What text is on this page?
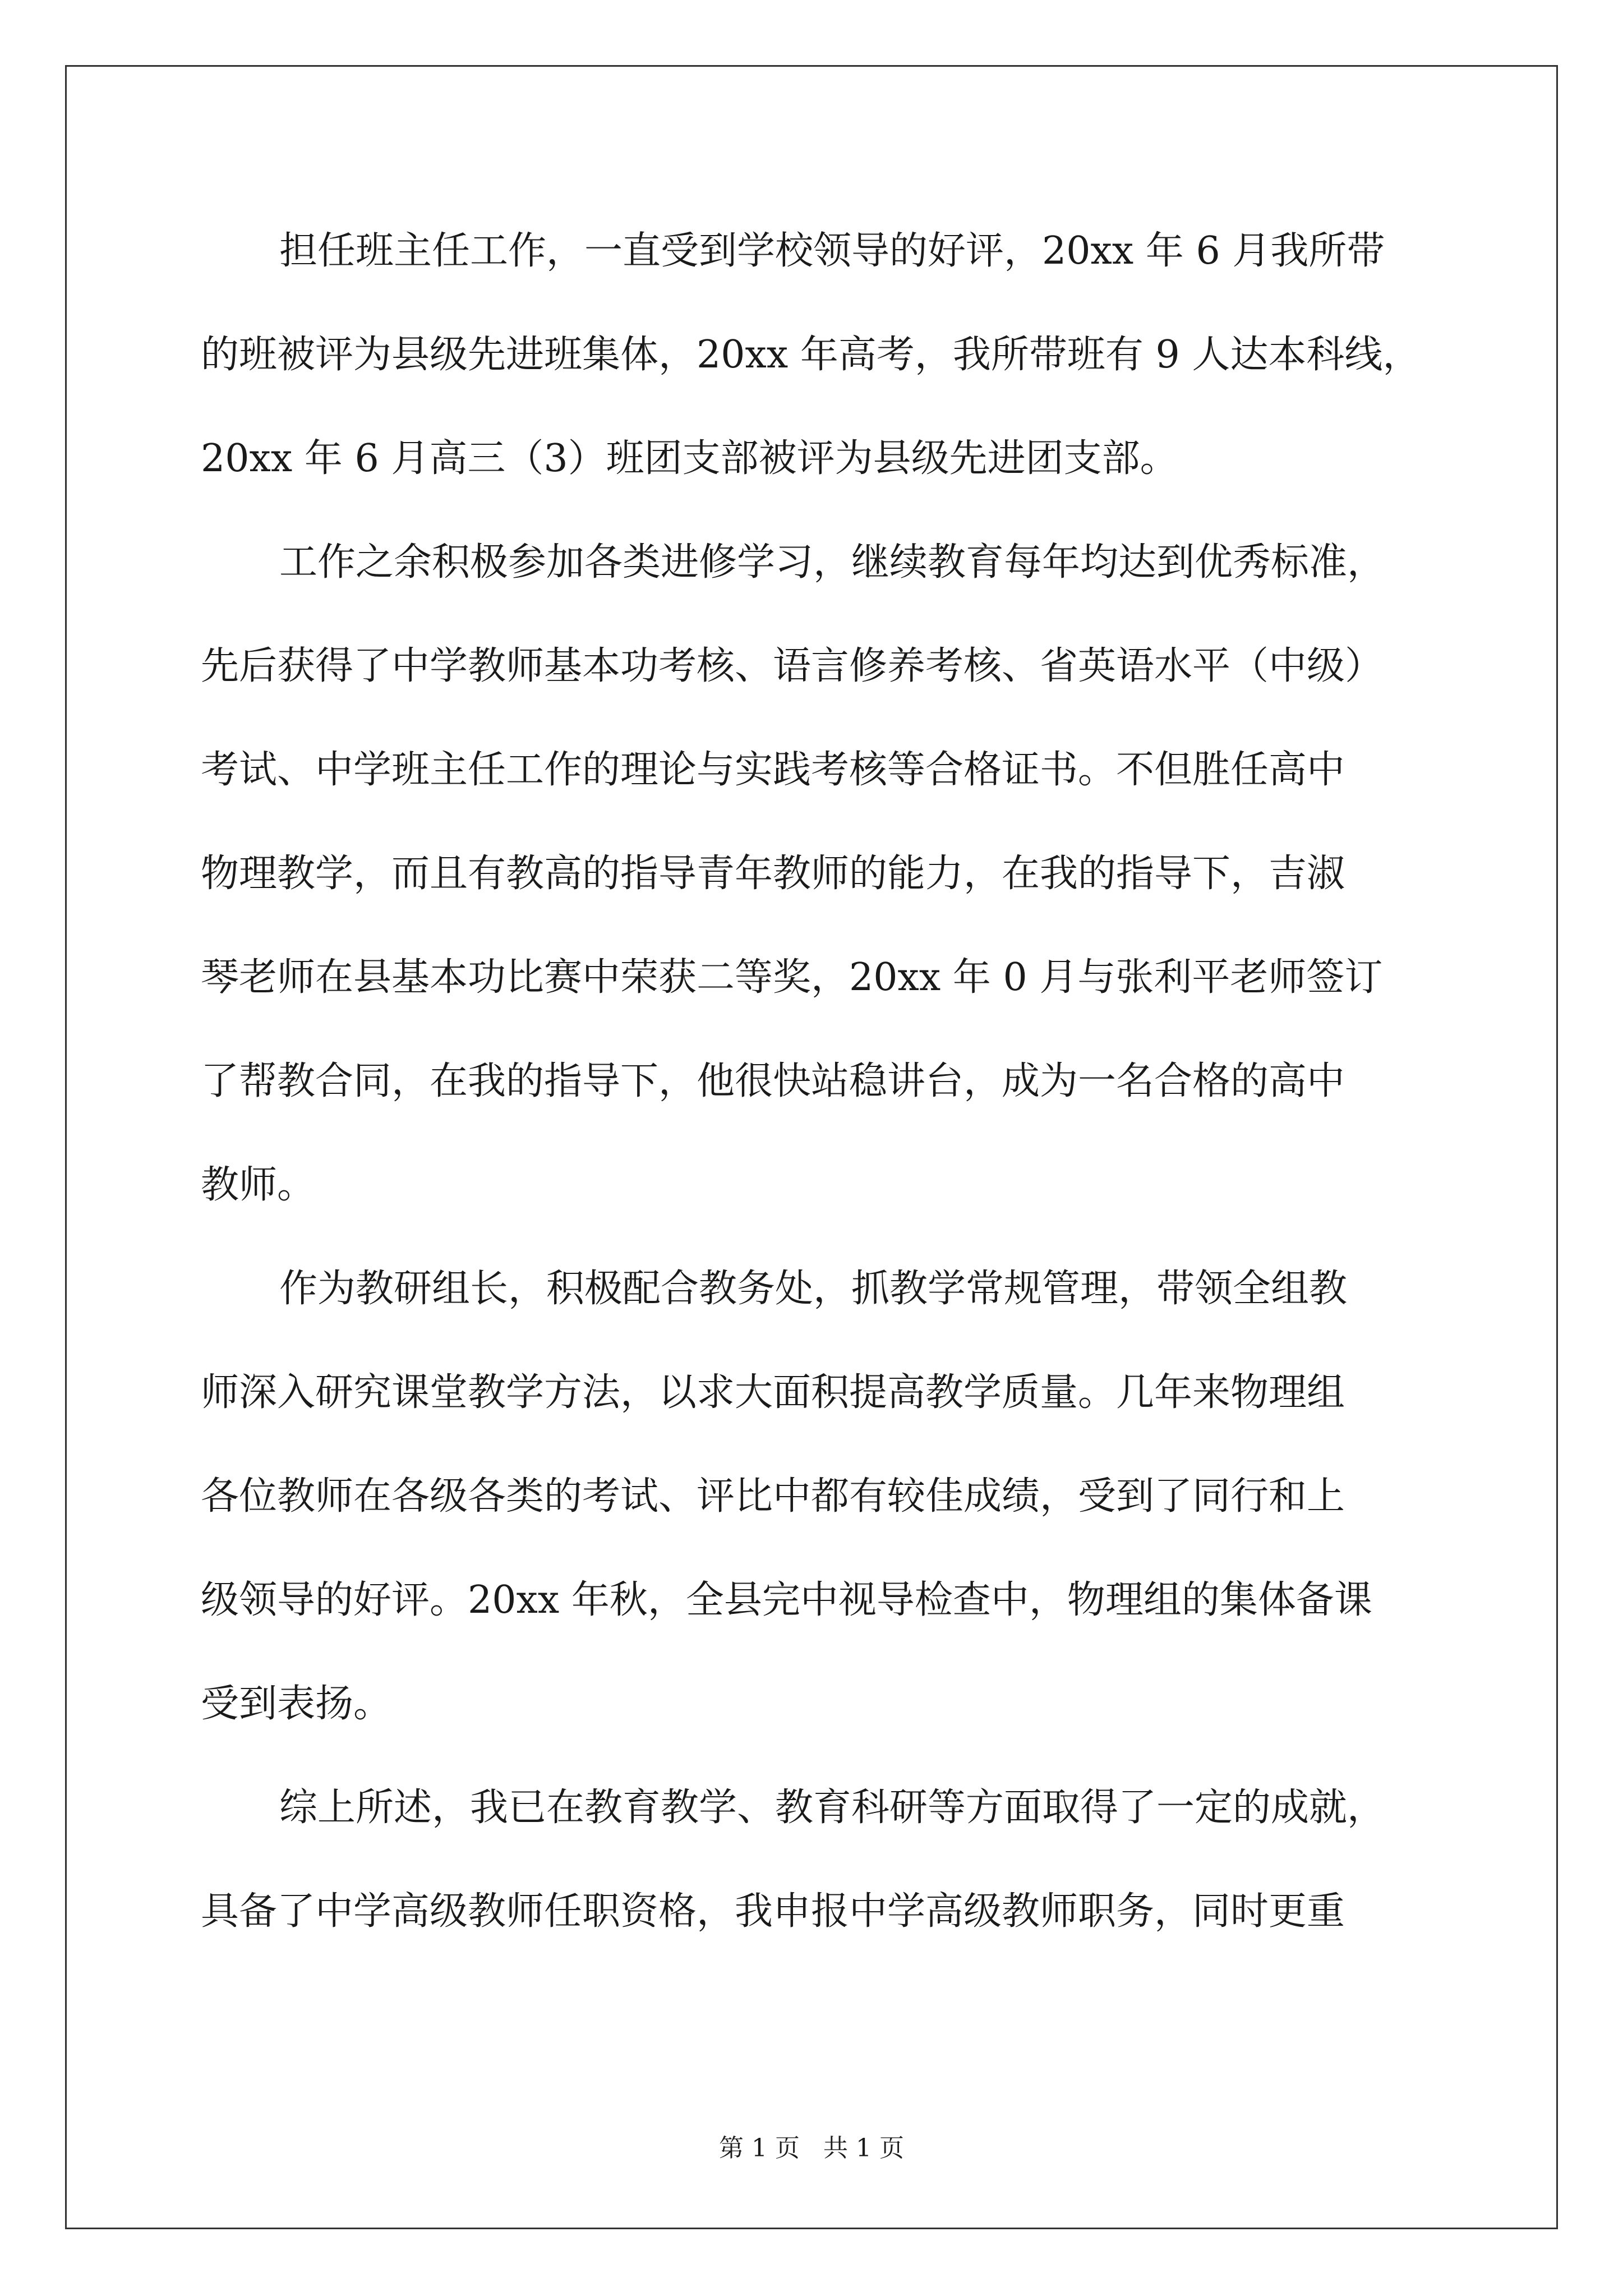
担任班主任工作，一直受到学校领导的好评，20xx 年 6 月我所带
的班被评为县级先进班集体，20xx 年高考，我所带班有 9 人达本科线，
20xx 年 6 月高三（3）班团支部被评为县级先进团支部。
工作之余积极参加各类进修学习，继续教育每年均达到优秀标准，
先后获得了中学教师基本功考核、语言修养考核、省英语水平（中级）
考试、中学班主任工作的理论与实践考核等合格证书。不但胜任高中
物理教学，而且有教高的指导青年教师的能力，在我的指导下，吉淑
琴老师在县基本功比赛中荣获二等奖，20xx 年 0 月与张利平老师签订
了帮教合同，在我的指导下，他很快站稳讲台，成为一名合格的高中
教师。
作为教研组长，积极配合教务处，抓教学常规管理，带领全组教
师深入研究课堂教学方法，以求大面积提高教学质量。几年来物理组
各位教师在各级各类的考试、评比中都有较佳成绩，受到了同行和上
级领导的好评。20xx 年秋，全县完中视导检查中，物理组的集体备课
受到表扬。
综上所述，我已在教育教学、教育科研等方面取得了一定的成就，
具备了中学高级教师任职资格，我申报中学高级教师职务，同时更重
第 1 页   共 1 页
